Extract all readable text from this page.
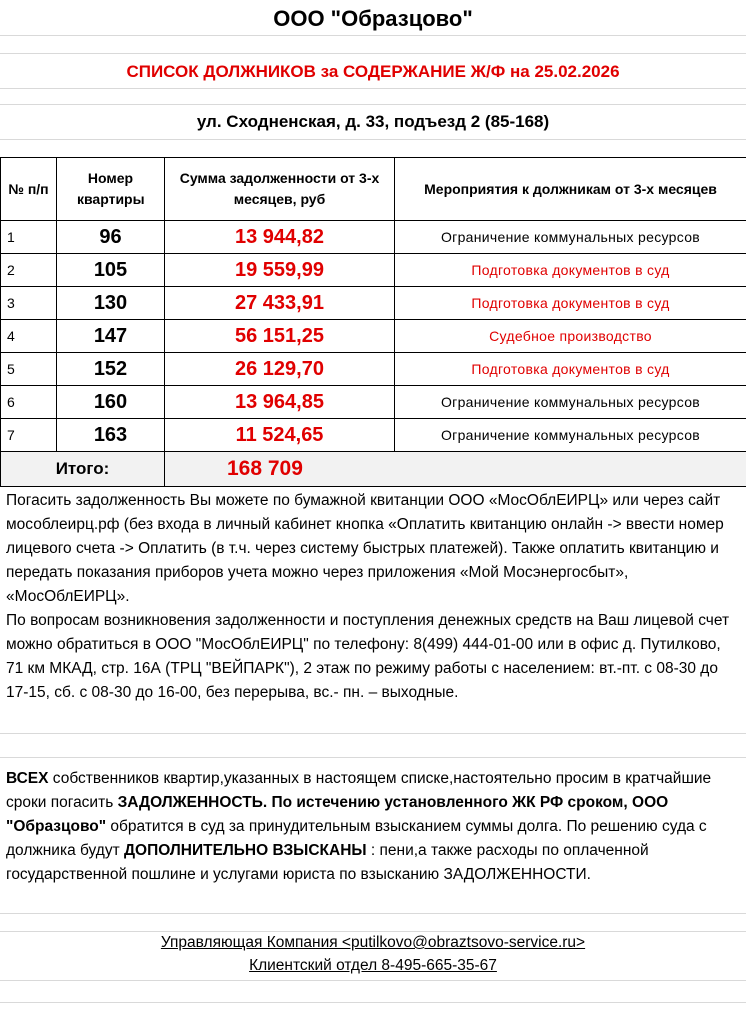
ООО "Образцово"
СПИСОК ДОЛЖНИКОВ за СОДЕРЖАНИЕ Ж/Ф на 25.02.2026
ул. Сходненская, д. 33, подъезд 2 (85-168)
№ п/п	Номер квартиры	Сумма задолженности от 3-х месяцев, руб	Мероприятия к должникам от 3-х месяцев
1	96	13 944,82	Ограничение коммунальных ресурсов
2	105	19 559,99	Подготовка документов в суд
3	130	27 433,91	Подготовка документов в суд
4	147	56 151,25	Судебное производство
5	152	26 129,70	Подготовка документов в суд
6	160	13 964,85	Ограничение коммунальных ресурсов
7	163	11 524,65	Ограничение коммунальных ресурсов
Итого:		168 709	
Погасить задолженность Вы можете по бумажной квитанции ООО «МосОблЕИРЦ» или через сайт мособлеирц.рф (без входа в личный кабинет кнопка «Оплатить квитанцию онлайн -> ввести номер лицевого счета -> Оплатить (в т.ч. через систему быстрых платежей). Также оплатить квитанцию и передать показания приборов учета можно через приложения «Мой Мосэнергосбыт», «МосОблЕИРЦ».
По вопросам возникновения задолженности и поступления денежных средств на Ваш лицевой счет можно обратиться в ООО "МосОблЕИРЦ" по телефону: 8(499) 444-01-00 или в офис д. Путилково, 71 км МКАД, стр. 16А (ТРЦ "ВЕЙПАРК"), 2 этаж по режиму работы с населением: вт.-пт. с 08-30 до 17-15, сб. с 08-30 до 16-00, без перерыва, вс.- пн. – выходные.
ВСЕХ собственников квартир,указанных в настоящем списке,настоятельно просим в кратчайшие сроки погасить ЗАДОЛЖЕННОСТЬ. По истечению установленного ЖК РФ сроком, ООО "Образцово" обратится в суд за принудительным взысканием суммы долга. По решению суда с должника будут ДОПОЛНИТЕЛЬНО ВЗЫСКАНЫ : пени,а также расходы по оплаченной государственной пошлине и услугами юриста по взысканию ЗАДОЛЖЕННОСТИ.
Управляющая Компания <putilkovo@obraztsovo-service.ru>
Клиентский отдел 8-495-665-35-67
